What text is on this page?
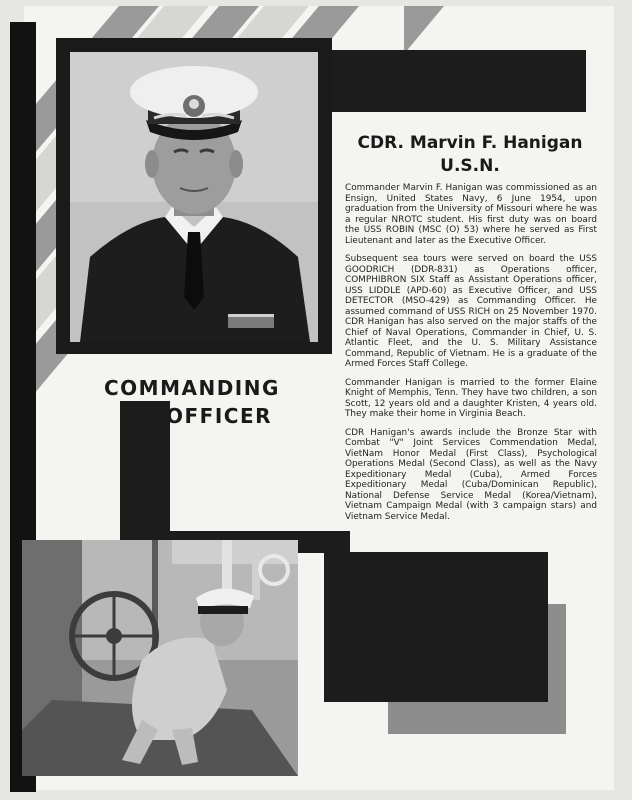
CDR. Marvin F. Hanigan
U.S.N.

Commander Marvin F. Hanigan was commissioned as an Ensign, United States Navy, 6 June 1954, upon graduation from the University of Missouri where he was a regular NROTC student. His first duty was on board the USS ROBIN (MSC (O) 53) where he served as First Lieutenant and later as the Executive Officer.

Subsequent sea tours were served on board the USS GOODRICH (DDR-831) as Operations officer, COMPHIBRON SIX Staff as Assistant Operations officer, USS LIDDLE (APD-60) as Executive Officer, and USS DETECTOR (MSO-429) as Commanding Officer. He assumed command of USS RICH on 25 November 1970. CDR Hanigan has also served on the major staffs of the Chief of Naval Operations, Commander in Chief, U. S. Atlantic Fleet, and the U. S. Military Assistance Command, Republic of Vietnam. He is a graduate of the Armed Forces Staff College.

Commander Hanigan is married to the former Elaine Knight of Memphis, Tenn. They have two children, a son Scott, 12 years old and a daughter Kristen, 4 years old. They make their home in Virginia Beach.

CDR Hanigan's awards include the Bronze Star with Combat "V" Joint Services Commendation Medal, VietNam Honor Medal (First Class), Psychological Operations Medal (Second Class), as well as the Navy Expeditionary Medal (Cuba), Armed Forces Expeditionary Medal (Cuba/Dominican Republic), National Defense Service Medal (Korea/Vietnam), Vietnam Campaign Medal (with 3 campaign stars) and Vietnam Service Medal.

COMMANDING
OFFICER
